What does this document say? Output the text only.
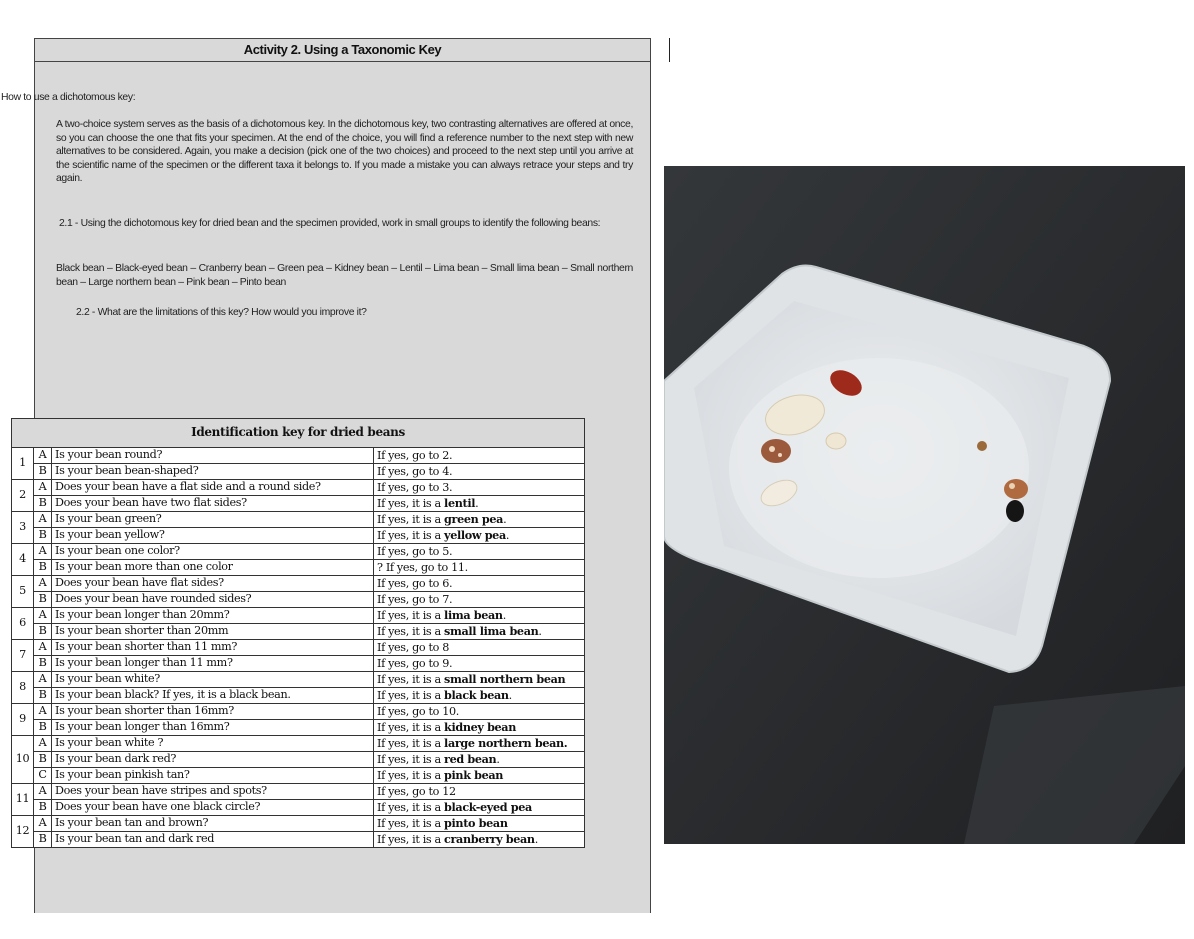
Activity 2. Using a Taxonomic Key
How to use a dichotomous key:
A two-choice system serves as the basis of a dichotomous key. In the dichotomous key, two contrasting alternatives are offered at once, so you can choose the one that fits your specimen. At the end of the choice, you will find a reference number to the next step with new alternatives to be considered. Again, you make a decision (pick one of the two choices) and proceed to the next step until you arrive at the scientific name of the specimen or the different taxa it belongs to. If you made a mistake you can always retrace your steps and try again.
2.1 - Using the dichotomous key for dried bean and the specimen provided, work in small groups to identify the following beans:
Black bean – Black-eyed bean – Cranberry bean – Green pea – Kidney bean – Lentil – Lima bean – Small lima bean – Small northern bean – Large northern bean – Pink bean – Pinto bean
2.2 - What are the limitations of this key? How would you improve it?
Identification key for dried beans			
1	A	Is your bean round?	If yes, go to 2.
	B	Is your bean bean-shaped?	If yes, go to 4.
2	A	Does your bean have a flat side and a round side?	If yes, go to 3.
	B	Does your bean have two flat sides?	If yes, it is a lentil.
3	A	Is your bean green?	If yes, it is a green pea.
	B	Is your bean yellow?	If yes, it is a yellow pea.
4	A	Is your bean one color?	If yes, go to 5.
	B	Is your bean more than one color	? If yes, go to 11.
5	A	Does your bean have flat sides?	If yes, go to 6.
	B	Does your bean have rounded sides?	If yes, go to 7.
6	A	Is your bean longer than 20mm?	If yes, it is a lima bean.
	B	Is your bean shorter than 20mm	If yes, it is a small lima bean.
7	A	Is your bean shorter than 11 mm?	If yes, go to 8
	B	Is your bean longer than 11 mm?	If yes, go to 9.
8	A	Is your bean white?	If yes, it is a small northern bean
	B	Is your bean black? If yes, it is a black bean.	If yes, it is a black bean.
9	A	Is your bean shorter than 16mm?	If yes, go to 10.
	B	Is your bean longer than 16mm?	If yes, it is a kidney bean
10	A	Is your bean white ?	If yes, it is a large northern bean.
	B	Is your bean dark red?	If yes, it is a red bean.
	C	Is your bean pinkish tan?	If yes, it is a pink bean
11	A	Does your bean have stripes and spots?	If yes, go to 12
	B	Does your bean have one black circle?	If yes, it is a black-eyed pea
12	A	Is your bean tan and brown?	If yes, it is a pinto bean
	B	Is your bean tan and dark red	If yes, it is a cranberry bean.
